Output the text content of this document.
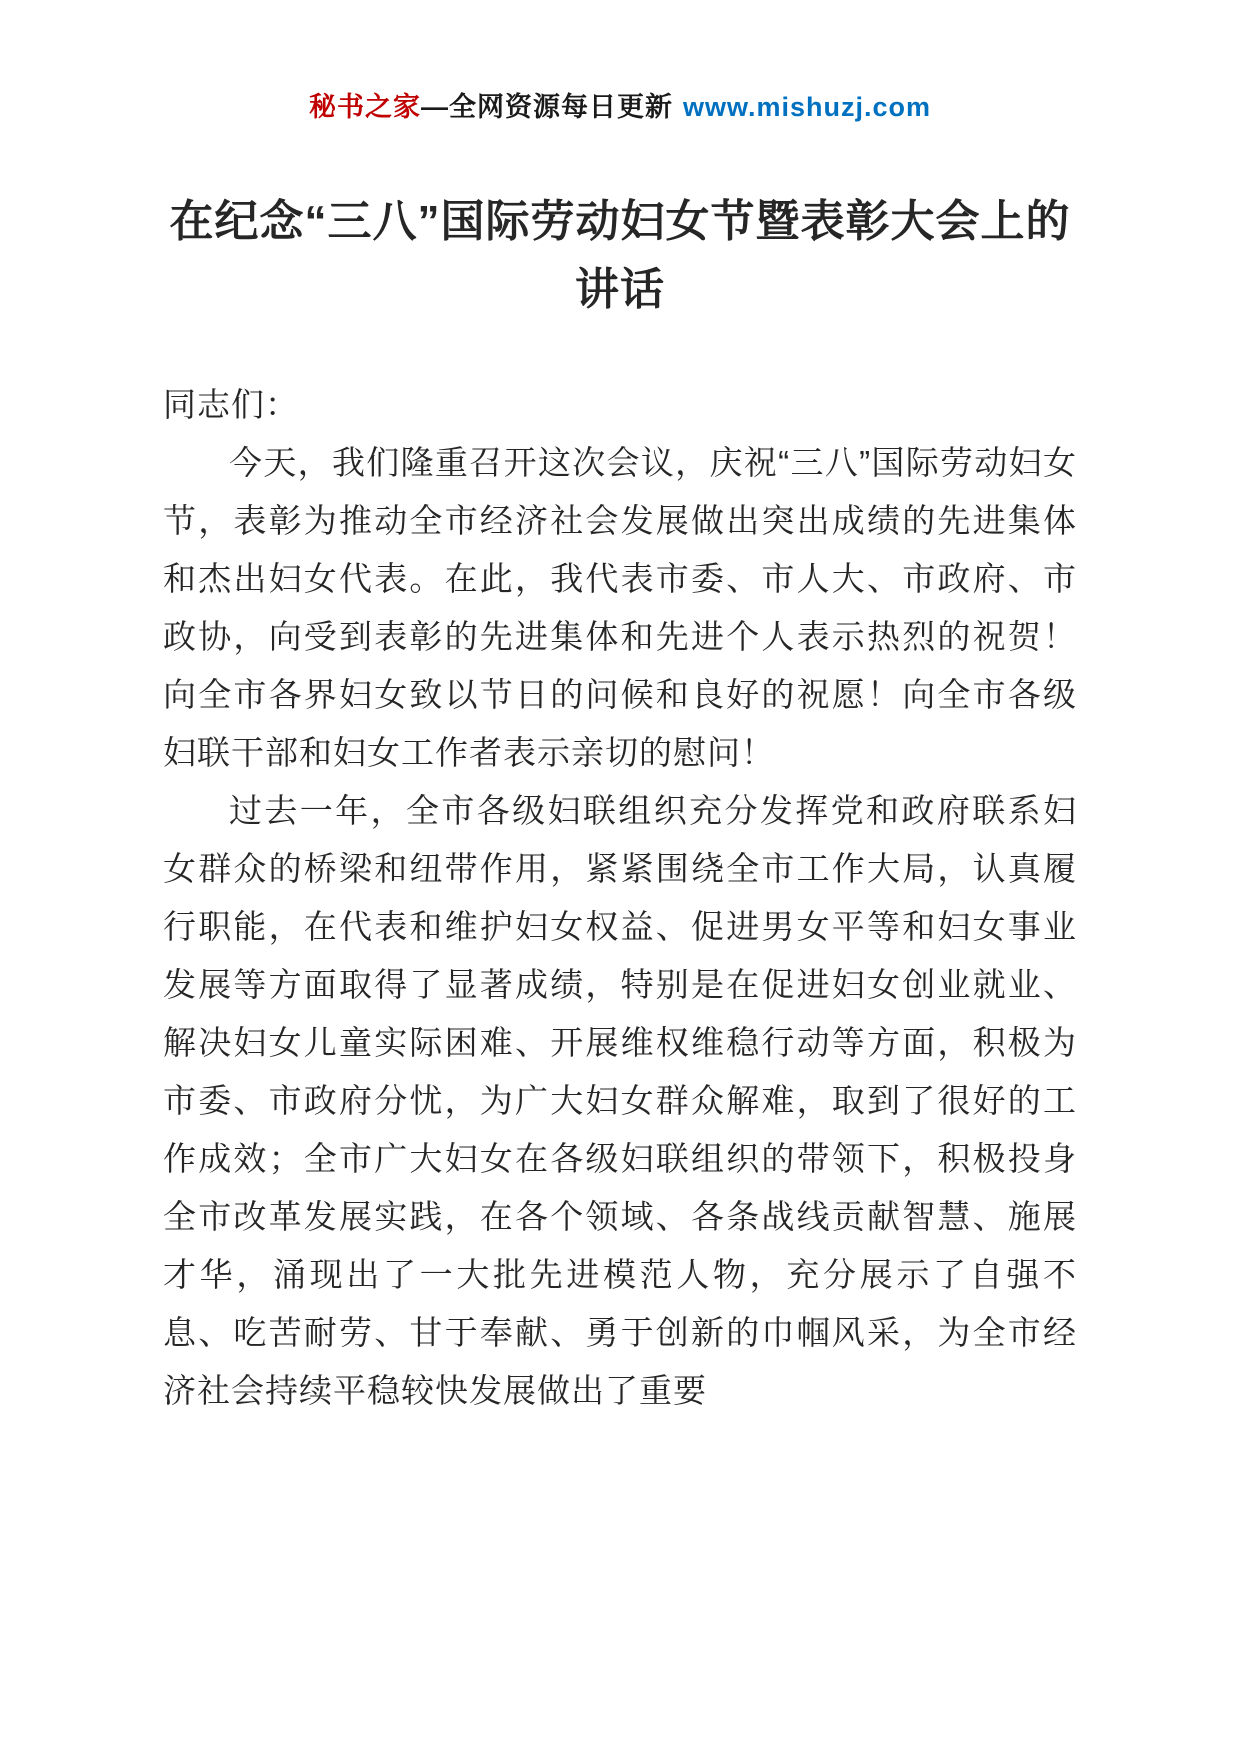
秘书之家—全网资源每日更新 www.mishuzj.com
在纪念“三八”国际劳动妇女节暨表彰大会上的讲话

同志们：

今天，我们隆重召开这次会议，庆祝“三八”国际劳动妇女节，表彰为推动全市经济社会发展做出突出成绩的先进集体和杰出妇女代表。在此，我代表市委、市人大、市政府、市政协，向受到表彰的先进集体和先进个人表示热烈的祝贺！向全市各界妇女致以节日的问候和良好的祝愿！向全市各级妇联干部和妇女工作者表示亲切的慰问！

过去一年，全市各级妇联组织充分发挥党和政府联系妇女群众的桥梁和纽带作用，紧紧围绕全市工作大局，认真履行职能，在代表和维护妇女权益、促进男女平等和妇女事业发展等方面取得了显著成绩，特别是在促进妇女创业就业、解决妇女儿童实际困难、开展维权维稳行动等方面，积极为市委、市政府分忧，为广大妇女群众解难，取到了很好的工作成效；全市广大妇女在各级妇联组织的带领下，积极投身全市改革发展实践，在各个领域、各条战线贡献智慧、施展才华，涌现出了一大批先进模范人物，充分展示了自强不息、吃苦耐劳、甘于奉献、勇于创新的巾帼风采，为全市经济社会持续平稳较快发展做出了重要
